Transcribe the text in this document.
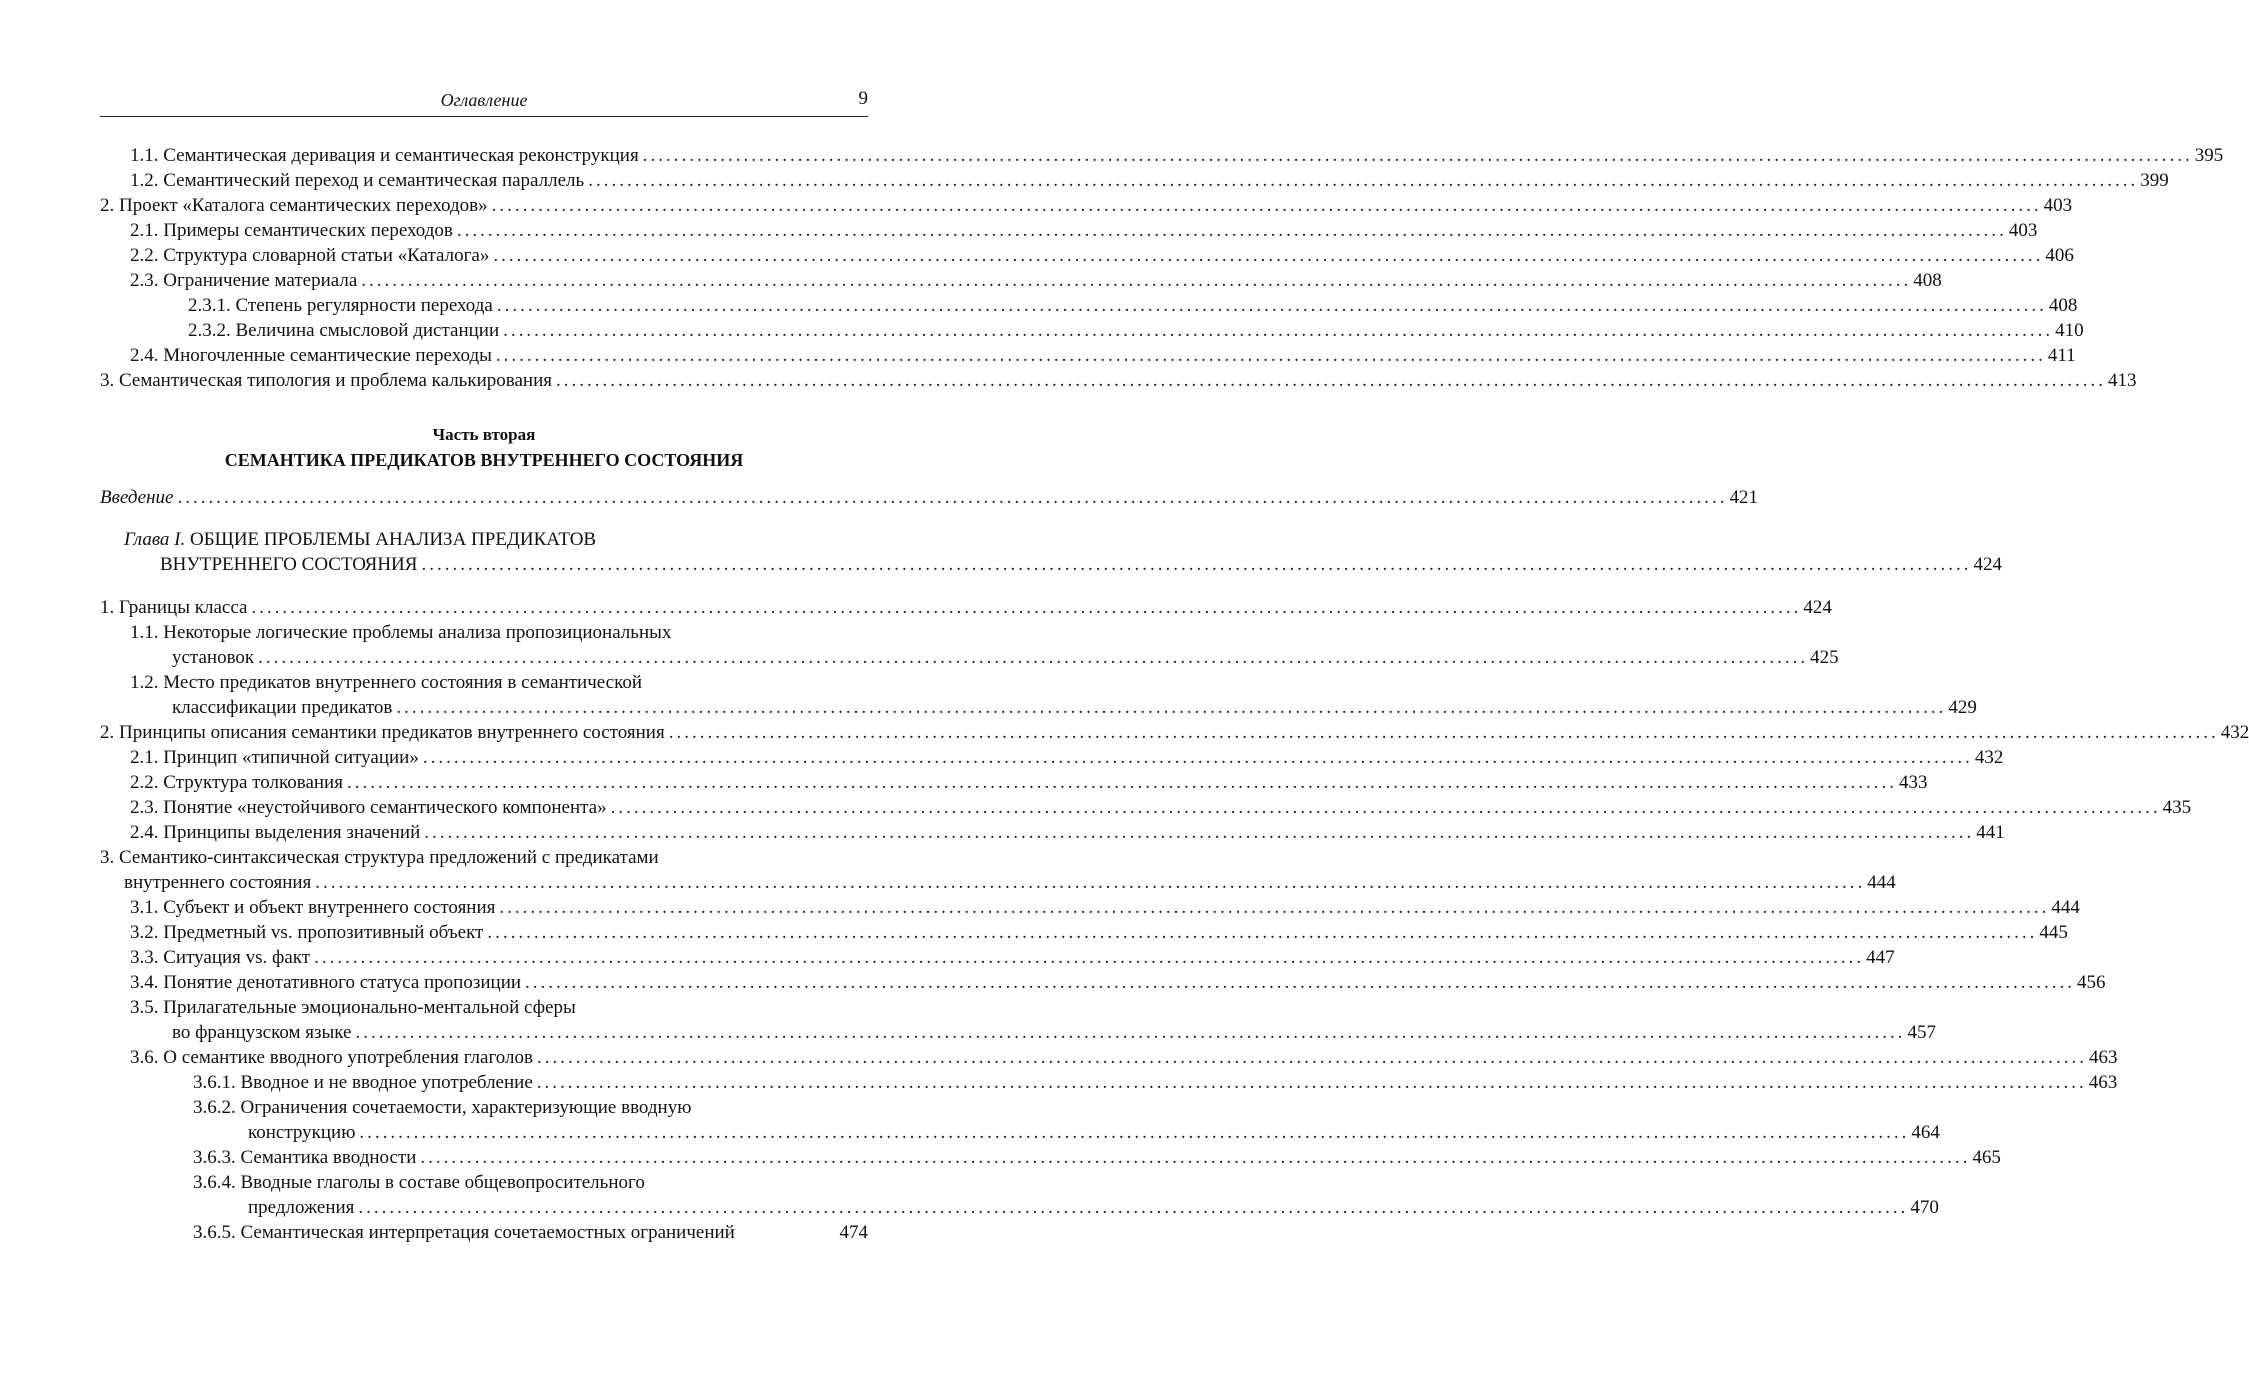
Оглавление	9
1.1. Семантическая деривация и семантическая реконструкция ........................................................................................................................................................................................................ 395
1.2. Семантический переход и семантическая параллель ........................................................................................................................................................................................................ 399
2. Проект «Каталога семантических переходов» ........................................................................................................................................................................................................ 403
2.1. Примеры семантических переходов ........................................................................................................................................................................................................ 403
2.2. Структура словарной статьи «Каталога» ........................................................................................................................................................................................................ 406
2.3. Ограничение материала ........................................................................................................................................................................................................ 408
2.3.1. Степень регулярности перехода ........................................................................................................................................................................................................ 408
2.3.2. Величина смысловой дистанции ........................................................................................................................................................................................................ 410
2.4. Многочленные семантические переходы ........................................................................................................................................................................................................ 411
3. Семантическая типология и проблема калькирования ........................................................................................................................................................................................................ 413
Часть вторая
СЕМАНТИКА ПРЕДИКАТОВ ВНУТРЕННЕГО СОСТОЯНИЯ
Введение ........................................................................................................................................................................................................ 421
Глава I. ОБЩИЕ ПРОБЛЕМЫ АНАЛИЗА ПРЕДИКАТОВ
ВНУТРЕННЕГО СОСТОЯНИЯ ........................................................................................................................................................................................................ 424
1. Границы класса ........................................................................................................................................................................................................ 424
1.1. Некоторые логические проблемы анализа пропозициональных
установок ........................................................................................................................................................................................................ 425
1.2. Место предикатов внутреннего состояния в семантической
классификации предикатов ........................................................................................................................................................................................................ 429
2. Принципы описания семантики предикатов внутреннего состояния ........................................................................................................................................................................................................ 432
2.1. Принцип «типичной ситуации» ........................................................................................................................................................................................................ 432
2.2. Структура толкования ........................................................................................................................................................................................................ 433
2.3. Понятие «неустойчивого семантического компонента» ........................................................................................................................................................................................................ 435
2.4. Принципы выделения значений ........................................................................................................................................................................................................ 441
3. Семантико-синтаксическая структура предложений с предикатами
внутреннего состояния ........................................................................................................................................................................................................ 444
3.1. Субъект и объект внутреннего состояния ........................................................................................................................................................................................................ 444
3.2. Предметный vs. пропозитивный объект ........................................................................................................................................................................................................ 445
3.3. Ситуация vs. факт ........................................................................................................................................................................................................ 447
3.4. Понятие денотативного статуса пропозиции ........................................................................................................................................................................................................ 456
3.5. Прилагательные эмоционально-ментальной сферы
во французском языке ........................................................................................................................................................................................................ 457
3.6. О семантике вводного употребления глаголов ........................................................................................................................................................................................................ 463
3.6.1. Вводное и не вводное употребление ........................................................................................................................................................................................................ 463
3.6.2. Ограничения сочетаемости, характеризующие вводную
конструкцию ........................................................................................................................................................................................................ 464
3.6.3. Семантика вводности ........................................................................................................................................................................................................ 465
3.6.4. Вводные глаголы в составе общевопросительного
предложения ........................................................................................................................................................................................................ 470
3.6.5. Семантическая интерпретация сочетаемостных ограничений	474
